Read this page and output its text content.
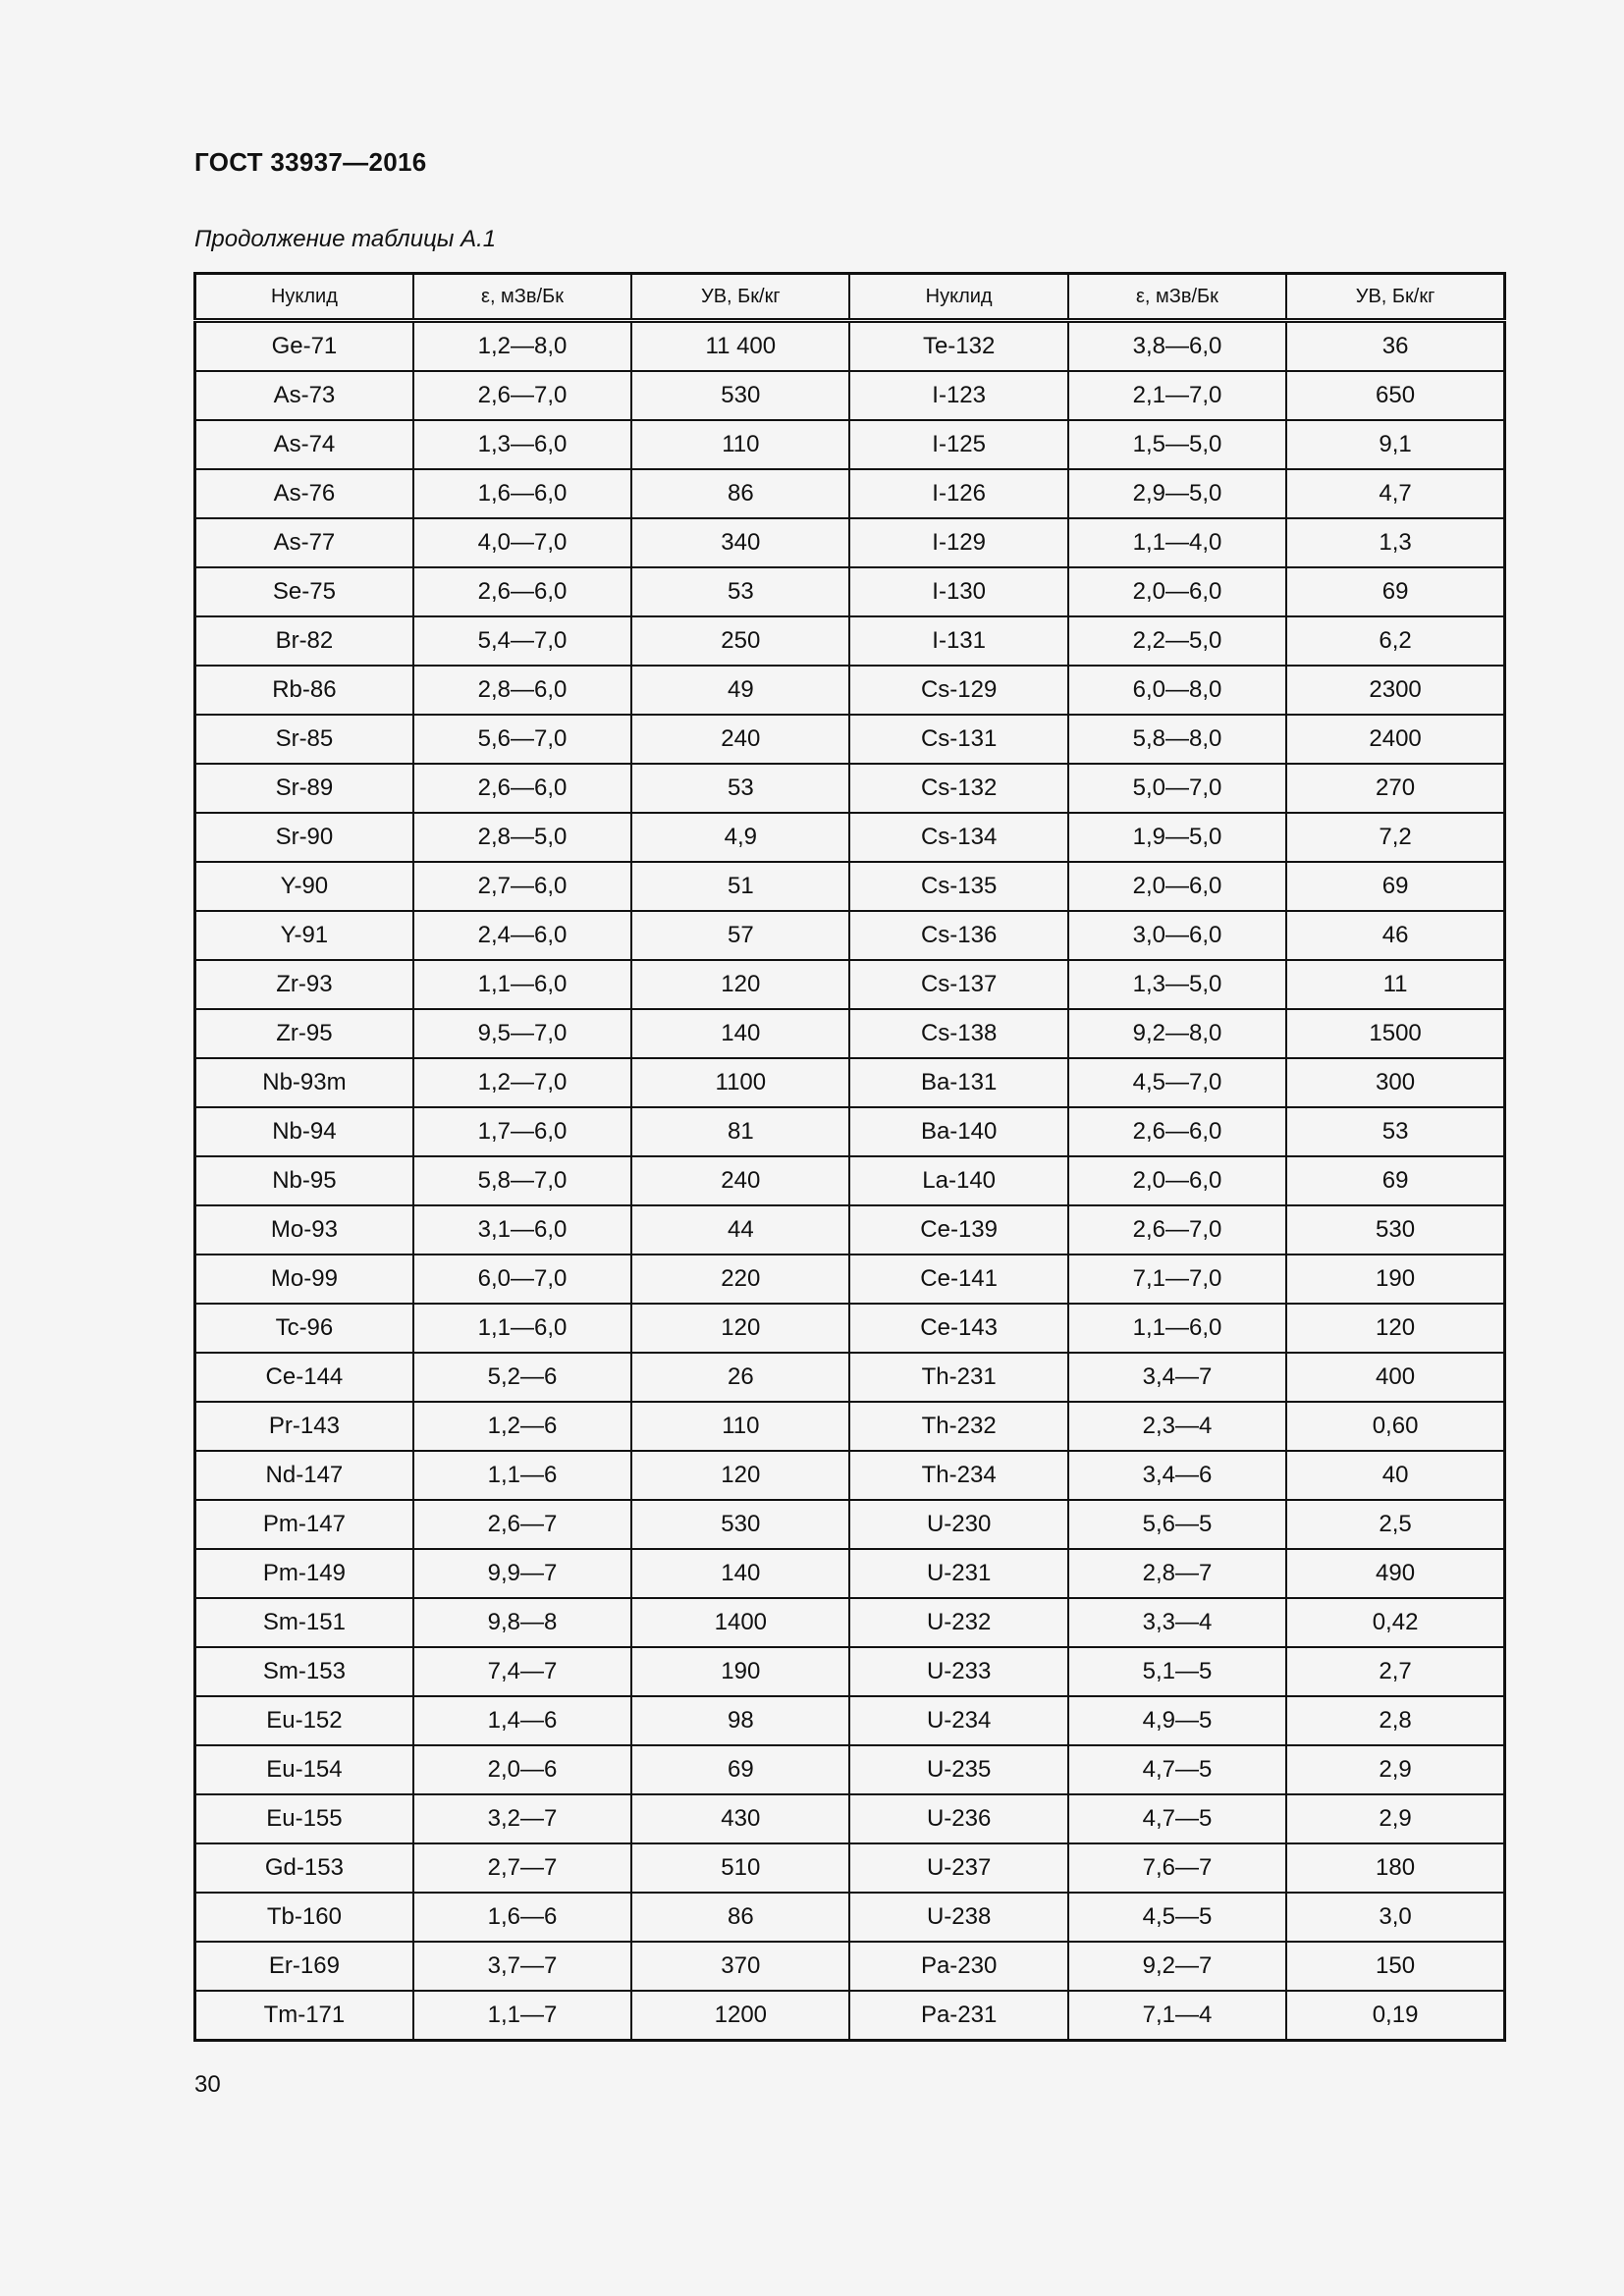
ГОСТ 33937—2016

Продолжение таблицы А.1

Нуклид	ε, мЗв/Бк	УВ, Бк/кг	Нуклид	ε, мЗв/Бк	УВ, Бк/кг
Ge-71	1,2—8,0	11 400	Te-132	3,8—6,0	36
As-73	2,6—7,0	530	I-123	2,1—7,0	650
As-74	1,3—6,0	110	I-125	1,5—5,0	9,1
As-76	1,6—6,0	86	I-126	2,9—5,0	4,7
As-77	4,0—7,0	340	I-129	1,1—4,0	1,3
Se-75	2,6—6,0	53	I-130	2,0—6,0	69
Br-82	5,4—7,0	250	I-131	2,2—5,0	6,2
Rb-86	2,8—6,0	49	Cs-129	6,0—8,0	2300
Sr-85	5,6—7,0	240	Cs-131	5,8—8,0	2400
Sr-89	2,6—6,0	53	Cs-132	5,0—7,0	270
Sr-90	2,8—5,0	4,9	Cs-134	1,9—5,0	7,2
Y-90	2,7—6,0	51	Cs-135	2,0—6,0	69
Y-91	2,4—6,0	57	Cs-136	3,0—6,0	46
Zr-93	1,1—6,0	120	Cs-137	1,3—5,0	11
Zr-95	9,5—7,0	140	Cs-138	9,2—8,0	1500
Nb-93m	1,2—7,0	1100	Ba-131	4,5—7,0	300
Nb-94	1,7—6,0	81	Ba-140	2,6—6,0	53
Nb-95	5,8—7,0	240	La-140	2,0—6,0	69
Mo-93	3,1—6,0	44	Ce-139	2,6—7,0	530
Mo-99	6,0—7,0	220	Ce-141	7,1—7,0	190
Tc-96	1,1—6,0	120	Ce-143	1,1—6,0	120
Ce-144	5,2—6	26	Th-231	3,4—7	400
Pr-143	1,2—6	110	Th-232	2,3—4	0,60
Nd-147	1,1—6	120	Th-234	3,4—6	40
Pm-147	2,6—7	530	U-230	5,6—5	2,5
Pm-149	9,9—7	140	U-231	2,8—7	490
Sm-151	9,8—8	1400	U-232	3,3—4	0,42
Sm-153	7,4—7	190	U-233	5,1—5	2,7
Eu-152	1,4—6	98	U-234	4,9—5	2,8
Eu-154	2,0—6	69	U-235	4,7—5	2,9
Eu-155	3,2—7	430	U-236	4,7—5	2,9
Gd-153	2,7—7	510	U-237	7,6—7	180
Tb-160	1,6—6	86	U-238	4,5—5	3,0
Er-169	3,7—7	370	Pa-230	9,2—7	150
Tm-171	1,1—7	1200	Pa-231	7,1—4	0,19

30
